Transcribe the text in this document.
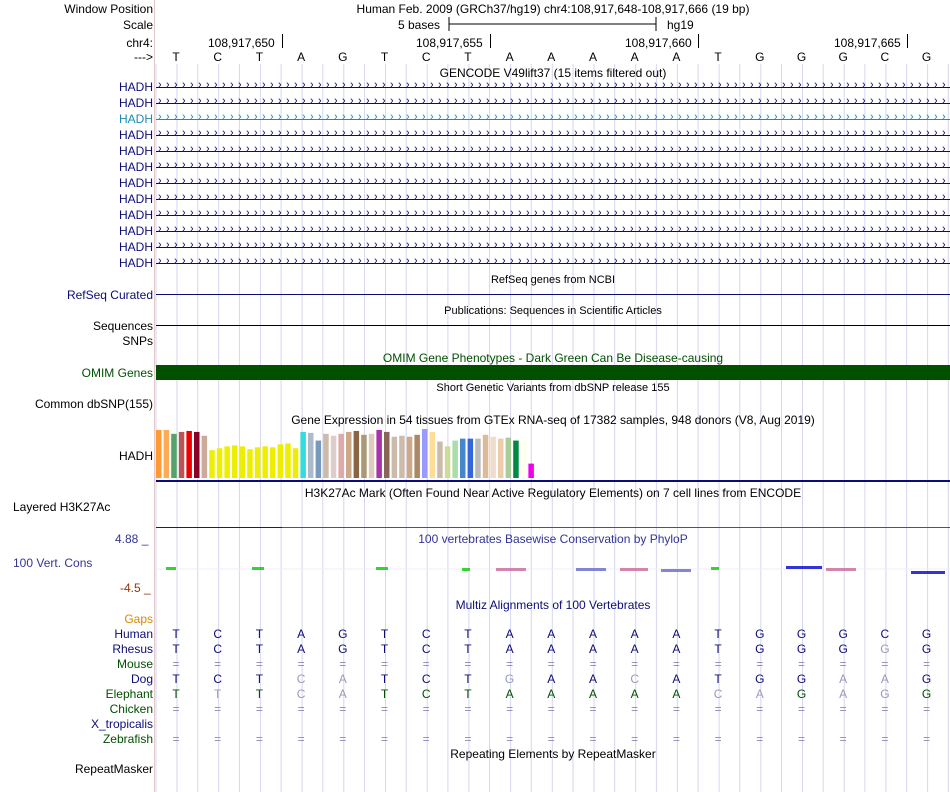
Window Position	Human Feb. 2009 (GRCh37/hg19) chr4:108,917,648-108,917,666 (19 bp)
Scale	5 bases	hg19
chr4:	108,917,650	108,917,655	108,917,660	108,917,665
---> T	C	T	A	G	T	C	T	A	A	A	A	A	T	G	G	G	C	G
GENCODE V49lift37 (15 items filtered out)
HADH › › › › › › › › › › › › › › › › › › › › › › › › › › › › › › › › › › › › › › › › › › › › › › › › › › › › › › › › › › › › › › › › › › › › › › › › › › › › › › › › › › › › › › › › › › › › › › › › › › ›
HADH › › › › › › › › › › › › › › › › › › › › › › › › › › › › › › › › › › › › › › › › › › › › › › › › › › › › › › › › › › › › › › › › › › › › › › › › › › › › › › › › › › › › › › › › › › › › › › › › › › ›
HADH › › › › › › › › › › › › › › › › › › › › › › › › › › › › › › › › › › › › › › › › › › › › › › › › › › › › › › › › › › › › › › › › › › › › › › › › › › › › › › › › › › › › › › › › › › › › › › › › › › ›
HADH › › › › › › › › › › › › › › › › › › › › › › › › › › › › › › › › › › › › › › › › › › › › › › › › › › › › › › › › › › › › › › › › › › › › › › › › › › › › › › › › › › › › › › › › › › › › › › › › › › ›
HADH › › › › › › › › › › › › › › › › › › › › › › › › › › › › › › › › › › › › › › › › › › › › › › › › › › › › › › › › › › › › › › › › › › › › › › › › › › › › › › › › › › › › › › › › › › › › › › › › › › ›
HADH › › › › › › › › › › › › › › › › › › › › › › › › › › › › › › › › › › › › › › › › › › › › › › › › › › › › › › › › › › › › › › › › › › › › › › › › › › › › › › › › › › › › › › › › › › › › › › › › › › ›
HADH › › › › › › › › › › › › › › › › › › › › › › › › › › › › › › › › › › › › › › › › › › › › › › › › › › › › › › › › › › › › › › › › › › › › › › › › › › › › › › › › › › › › › › › › › › › › › › › › › › ›
HADH › › › › › › › › › › › › › › › › › › › › › › › › › › › › › › › › › › › › › › › › › › › › › › › › › › › › › › › › › › › › › › › › › › › › › › › › › › › › › › › › › › › › › › › › › › › › › › › › › › ›
HADH › › › › › › › › › › › › › › › › › › › › › › › › › › › › › › › › › › › › › › › › › › › › › › › › › › › › › › › › › › › › › › › › › › › › › › › › › › › › › › › › › › › › › › › › › › › › › › › › › › ›
HADH › › › › › › › › › › › › › › › › › › › › › › › › › › › › › › › › › › › › › › › › › › › › › › › › › › › › › › › › › › › › › › › › › › › › › › › › › › › › › › › › › › › › › › › › › › › › › › › › › › ›
HADH › › › › › › › › › › › › › › › › › › › › › › › › › › › › › › › › › › › › › › › › › › › › › › › › › › › › › › › › › › › › › › › › › › › › › › › › › › › › › › › › › › › › › › › › › › › › › › › › › › ›
HADH › › › › › › › › › › › › › › › › › › › › › › › › › › › › › › › › › › › › › › › › › › › › › › › › › › › › › › › › › › › › › › › › › › › › › › › › › › › › › › › › › › › › › › › › › › › › › › › › › › ›
RefSeq genes from NCBI
RefSeq Curated
Publications: Sequences in Scientific Articles
Sequences
SNPs
OMIM Gene Phenotypes - Dark Green Can Be Disease-causing
OMIM Genes
Short Genetic Variants from dbSNP release 155
Common dbSNP(155)
Gene Expression in 54 tissues from GTEx RNA-seq of 17382 samples, 948 donors (V8, Aug 2019)
HADH
H3K27Ac Mark (Often Found Near Active Regulatory Elements) on 7 cell lines from ENCODE
Layered H3K27Ac
4.88 _	100 vertebrates Basewise Conservation by PhyloP
100 Vert. Cons
-4.5 _
Multiz Alignments of 100 Vertebrates
Gaps
Human T	C	T	A	G	T	C	T	A	A	A	A	A	T	G	G	G	C	G
Rhesus T	C	T	A	G	T	C	T	A	A	A	A	A	T	G	G	G	G	G
Mouse =	=	=	=	=	=	=	=	=	=	=	=	=	=	=	=	=	=	=
Dog T	C	T	C	A	T	C	T	G	A	A	C	A	T	G	G	A	A	G
Elephant T	T	T	C	A	T	C	T	A	A	A	A	A	C	A	G	A	G	G
Chicken =	=	=	=	=	=	=	=	=	=	=	=	=	=	=	=	=	=	=
X_tropicalis
Zebrafish =	=	=	=	=	=	=	=	=	=	=	=	=	=	=	=	=	=	=
Repeating Elements by RepeatMasker
RepeatMasker
